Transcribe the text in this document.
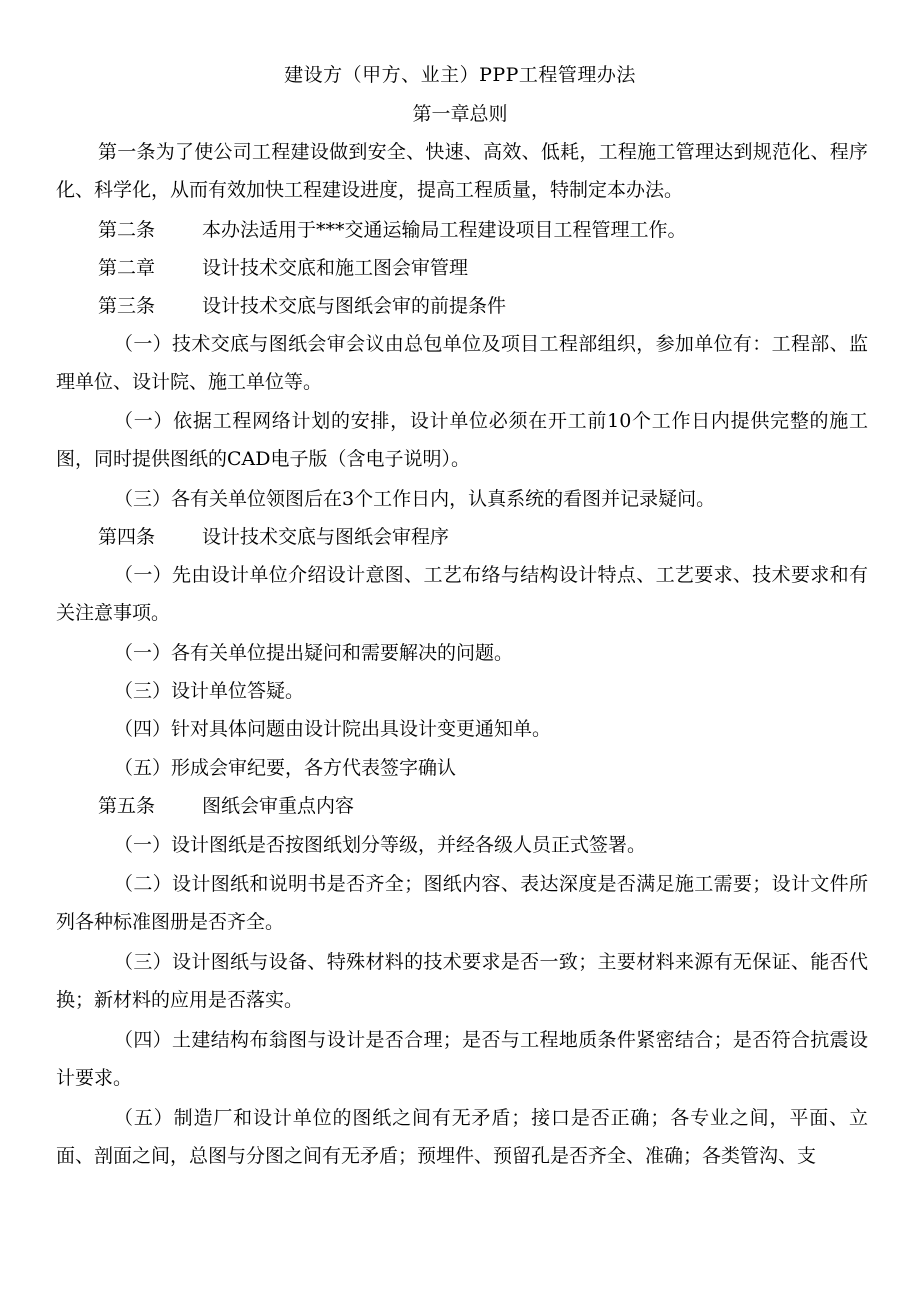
建设方（甲方、业主）PPP工程管理办法
第一章总则

第一条为了使公司工程建设做到安全、快速、高效、低耗，工程施工管理达到规范化、程序化、科学化，从而有效加快工程建设进度，提高工程质量，特制定本办法。

第二条 本办法适用于***交通运输局工程建设项目工程管理工作。
第二章 设计技术交底和施工图会审管理
第三条 设计技术交底与图纸会审的前提条件

（一）技术交底与图纸会审会议由总包单位及项目工程部组织，参加单位有：工程部、监理单位、设计院、施工单位等。

（一）依据工程网络计划的安排，设计单位必须在开工前10个工作日内提供完整的施工图，同时提供图纸的CAD电子版（含电子说明）。

（三）各有关单位领图后在3个工作日内，认真系统的看图并记录疑问。

第四条 设计技术交底与图纸会审程序

（一）先由设计单位介绍设计意图、工艺布络与结构设计特点、工艺要求、技术要求和有关注意事项。

（一）各有关单位提出疑问和需要解决的问题。

（三）设计单位答疑。

（四）针对具体问题由设计院出具设计变更通知单。

（五）形成会审纪要，各方代表签字确认

第五条 图纸会审重点内容

（一）设计图纸是否按图纸划分等级，并经各级人员正式签署。

（二）设计图纸和说明书是否齐全；图纸内容、表达深度是否满足施工需要；设计文件所列各种标准图册是否齐全。

（三）设计图纸与设备、特殊材料的技术要求是否一致；主要材料来源有无保证、能否代换；新材料的应用是否落实。

（四）土建结构布翁图与设计是否合理；是否与工程地质条件紧密结合；是否符合抗震设计要求。

（五）制造厂和设计单位的图纸之间有无矛盾；接口是否正确；各专业之间，平面、立面、剖面之间，总图与分图之间有无矛盾；预埋件、预留孔是否齐全、准确；各类管沟、支
